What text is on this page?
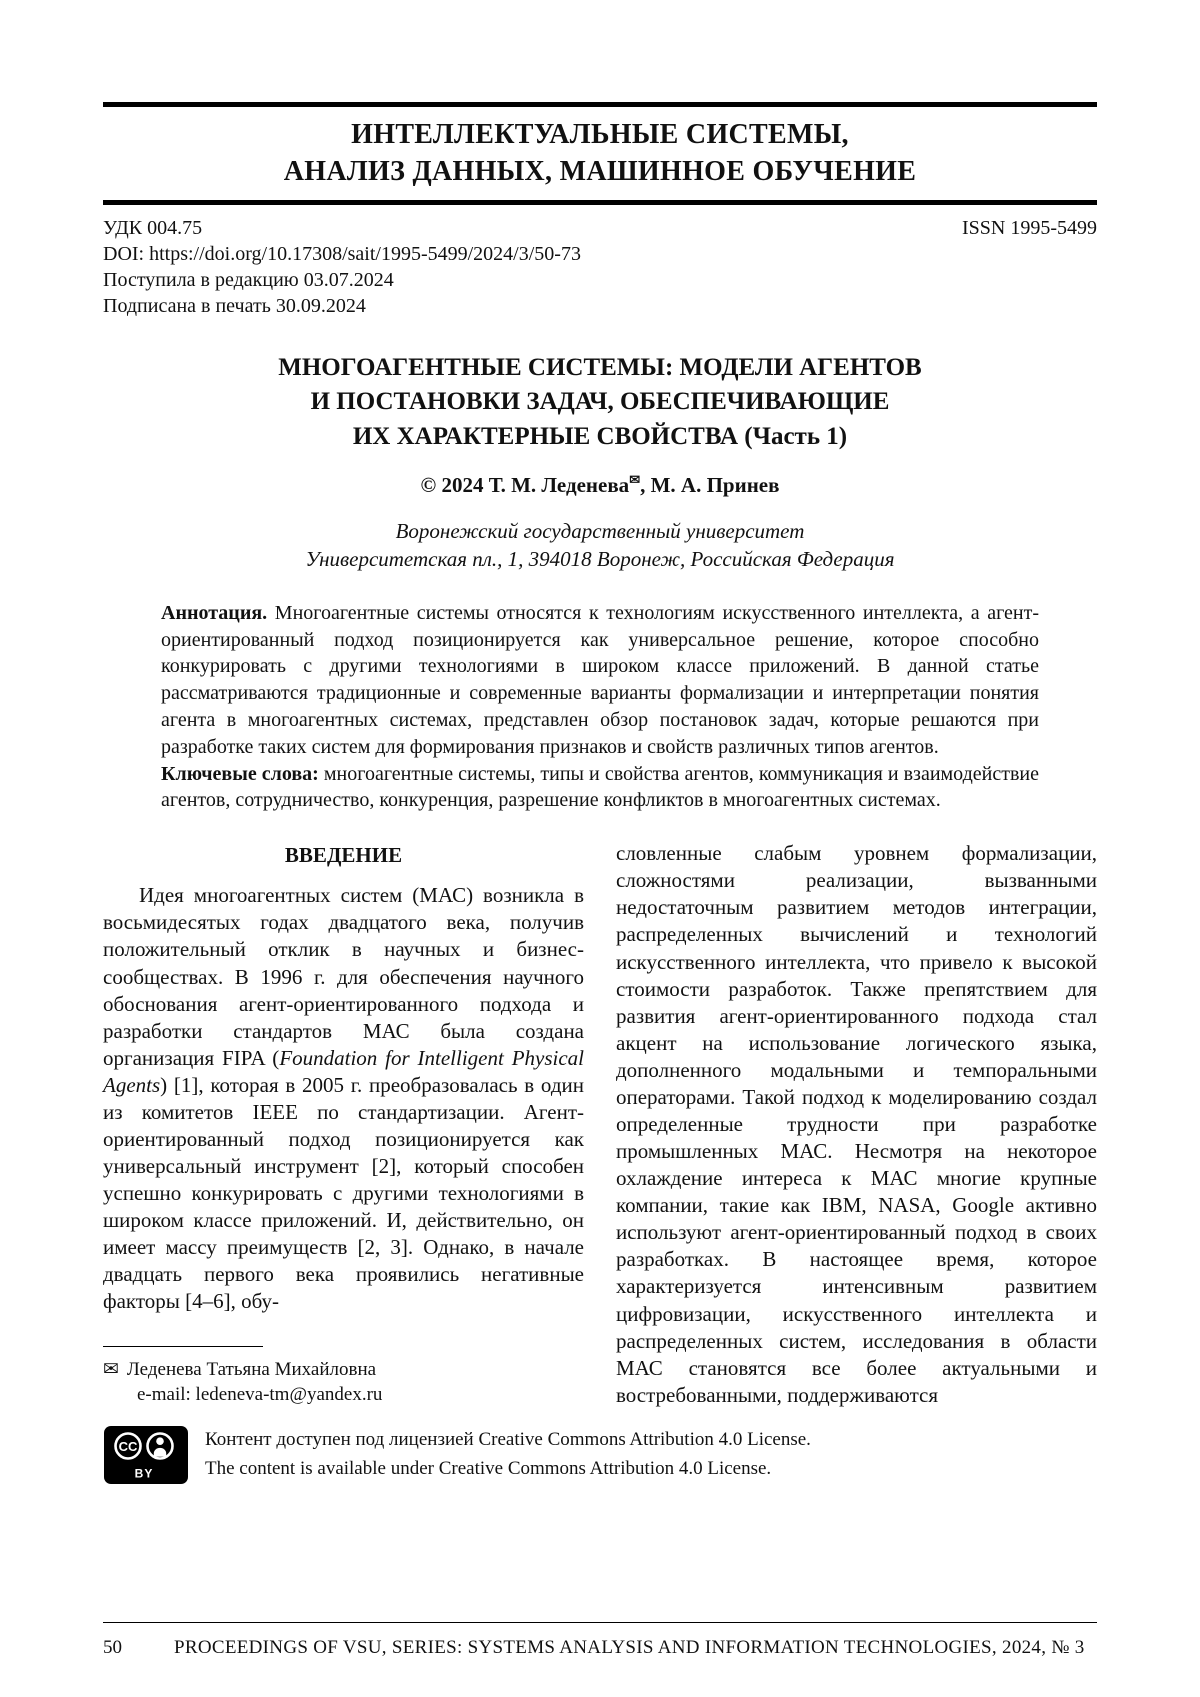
ИНТЕЛЛЕКТУАЛЬНЫЕ СИСТЕМЫ,
АНАЛИЗ ДАННЫХ, МАШИННОЕ ОБУЧЕНИЕ
УДК 004.75	ISSN 1995-5499
DOI: https://doi.org/10.17308/sait/1995-5499/2024/3/50-73
Поступила в редакцию 03.07.2024
Подписана в печать 30.09.2024
МНОГОАГЕНТНЫЕ СИСТЕМЫ: МОДЕЛИ АГЕНТОВ
И ПОСТАНОВКИ ЗАДАЧ, ОБЕСПЕЧИВАЮЩИЕ
ИХ ХАРАКТЕРНЫЕ СВОЙСТВА (Часть 1)
© 2024 Т. М. Леденева✉, М. А. Принев
Воронежский государственный университет
Университетская пл., 1, 394018 Воронеж, Российская Федерация

Аннотация. Многоагентные системы относятся к технологиям искусственного интеллекта, а агент-ориентированный подход позиционируется как универсальное решение, которое способно конкурировать с другими технологиями в широком классе приложений. В данной статье рассматриваются традиционные и современные варианты формализации и интерпретации понятия агента в многоагентных системах, представлен обзор постановок задач, которые решаются при разработке таких систем для формирования признаков и свойств различных типов агентов.

Ключевые слова: многоагентные системы, типы и свойства агентов, коммуникация и взаимодействие агентов, сотрудничество, конкуренция, разрешение конфликтов в многоагентных системах.

ВВЕДЕНИЕ

Идея многоагентных систем (МАС) возникла в восьмидесятых годах двадцатого века, получив положительный отклик в научных и бизнес-сообществах. В 1996 г. для обеспечения научного обоснования агент-ориентированного подхода и разработки стандартов МАС была создана организация FIPA (Foundation for Intelligent Physical Agents) [1], которая в 2005 г. преобразовалась в один из комитетов IEEE по стандартизации. Агент-ориентированный подход позиционируется как универсальный инструмент [2], который способен успешно конкурировать с другими технологиями в широком классе приложений. И, действительно, он имеет массу преимуществ [2, 3]. Однако, в начале двадцать первого века проявились негативные факторы [4–6], обу-

✉ Леденева Татьяна Михайловна
e-mail: ledeneva-tm@yandex.ru

словленные слабым уровнем формализации, сложностями реализации, вызванными недостаточным развитием методов интеграции, распределенных вычислений и технологий искусственного интеллекта, что привело к высокой стоимости разработок. Также препятствием для развития агент-ориентированного подхода стал акцент на использование логического языка, дополненного модальными и темпоральными операторами. Такой подход к моделированию создал определенные трудности при разработке промышленных МАС. Несмотря на некоторое охлаждение интереса к МАС многие крупные компании, такие как IBM, NASA, Google активно используют агент-ориентированный подход в своих разработках. В настоящее время, которое характеризуется интенсивным развитием цифровизации, искусственного интеллекта и распределенных систем, исследования в области МАС становятся все более актуальными и востребованными, поддерживаются

CC
BY
Контент доступен под лицензией Creative Commons Attribution 4.0 License.
The content is available under Creative Commons Attribution 4.0 License.
50	PROCEEDINGS OF VSU, SERIES: SYSTEMS ANALYSIS AND INFORMATION TECHNOLOGIES, 2024, № 3
